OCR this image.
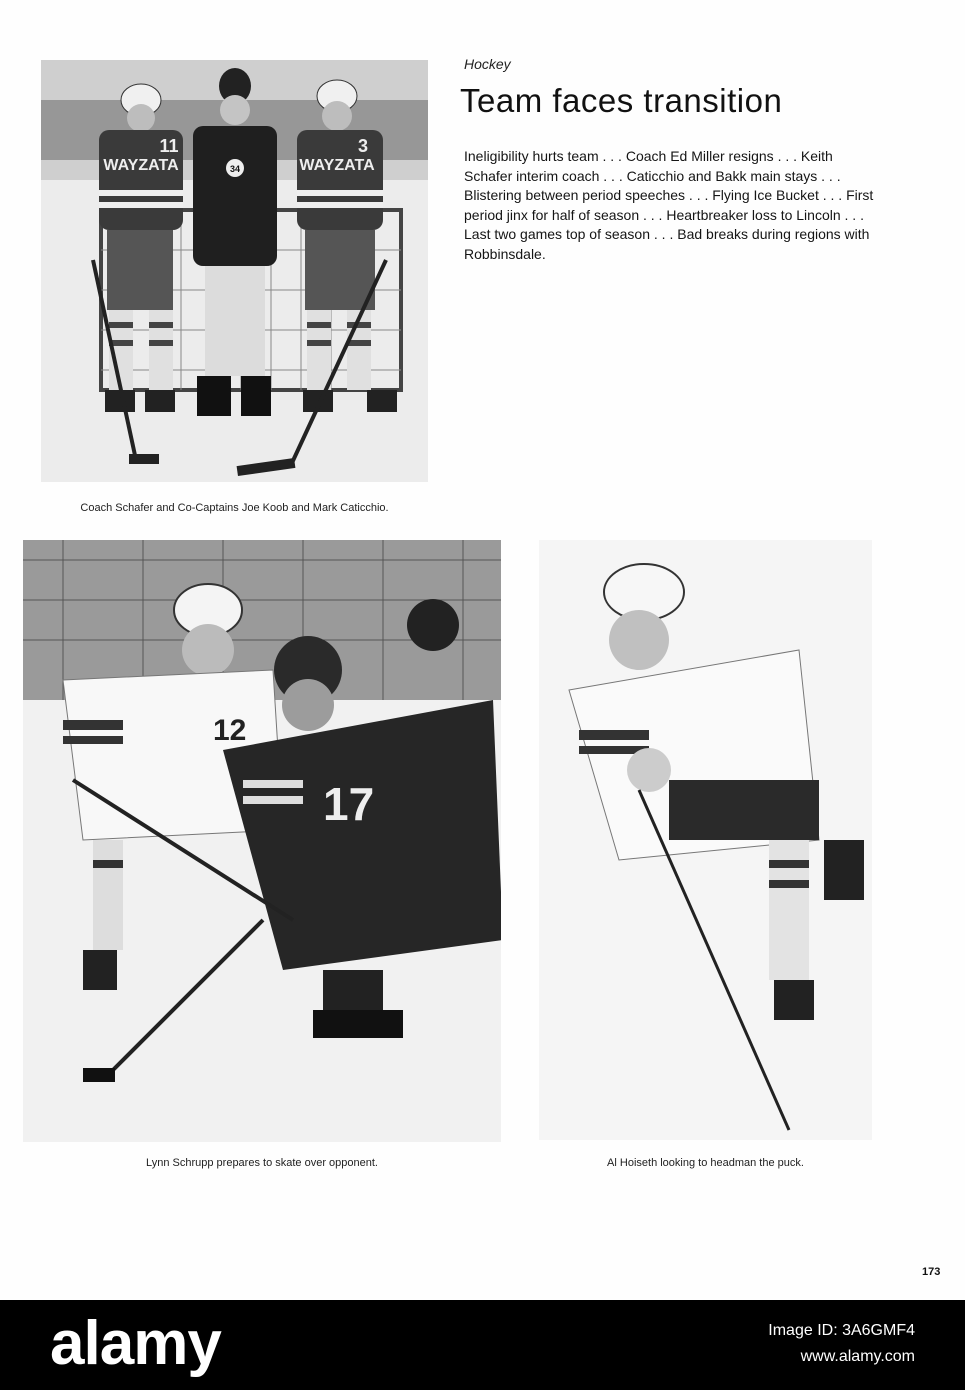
WAYZATA
11
WAYZATA
3
34
Hockey
Team faces transition

Ineligibility hurts team . . . Coach Ed Miller resigns . . . Keith Schafer interim coach . . . Caticchio and Bakk main stays . . . Blistering between period speeches . . . Flying Ice Bucket . . . First period jinx for half of season . . . Heartbreaker loss to Lincoln . . . Last two games top of season . . . Bad breaks during regions with Robbinsdale.

Coach Schafer and Co-Captains Joe Koob and Mark Caticchio.
12
17
Lynn Schrupp prepares to skate over opponent.	Al Hoiseth looking to headman the puck.
173
alamy	Image ID: 3A6GMF4
www.alamy.com
